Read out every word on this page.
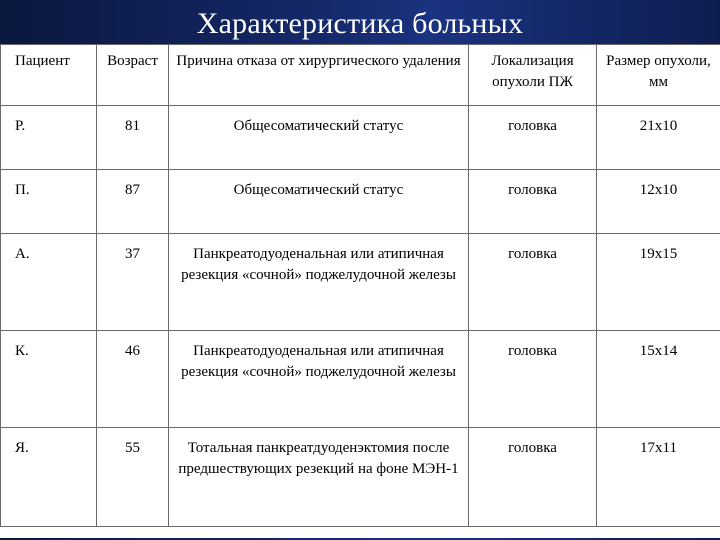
Характеристика больных
Пациент	Возраст	Причина отказа от хирургического удаления	Локализация опухоли ПЖ	Размер опухоли, мм
Р.	81	Общесоматический статус	головка	21x10
П.	87	Общесоматический статус	головка	12x10
А.	37	Панкреатодуоденальная или атипичная резекция «сочной» поджелудочной железы	головка	19x15
К.	46	Панкреатодуоденальная или атипичная резекция «сочной» поджелудочной железы	головка	15x14
Я.	55	Тотальная панкреатдуоденэктомия после предшествующих резекций на фоне МЭН-1	головка	17x11
